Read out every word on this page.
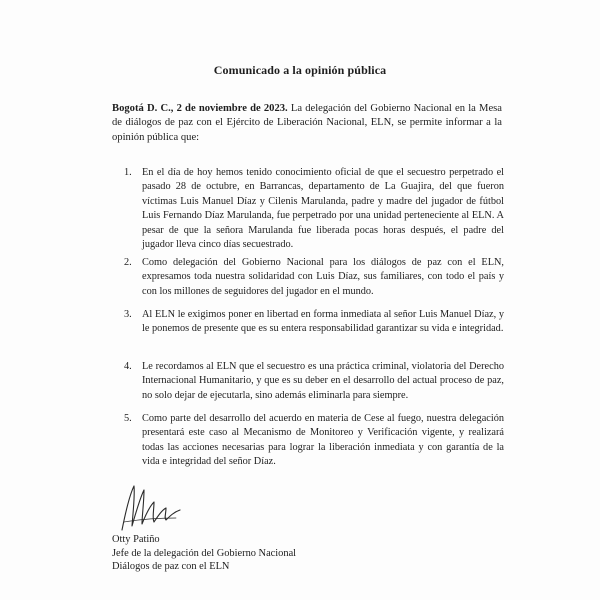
Comunicado a la opinión pública
Bogotá D. C., 2 de noviembre de 2023. La delegación del Gobierno Nacional en la Mesa de diálogos de paz con el Ejército de Liberación Nacional, ELN, se permite informar a la opinión pública que:
1. En el día de hoy hemos tenido conocimiento oficial de que el secuestro perpetrado el pasado 28 de octubre, en Barrancas, departamento de La Guajira, del que fueron víctimas Luis Manuel Díaz y Cilenis Marulanda, padre y madre del jugador de fútbol Luis Fernando Díaz Marulanda, fue perpetrado por una unidad perteneciente al ELN. A pesar de que la señora Marulanda fue liberada pocas horas después, el padre del jugador lleva cinco días secuestrado.
2. Como delegación del Gobierno Nacional para los diálogos de paz con el ELN, expresamos toda nuestra solidaridad con Luis Díaz, sus familiares, con todo el país y con los millones de seguidores del jugador en el mundo.
3. Al ELN le exigimos poner en libertad en forma inmediata al señor Luis Manuel Díaz, y le ponemos de presente que es su entera responsabilidad garantizar su vida e integridad.
4. Le recordamos al ELN que el secuestro es una práctica criminal, violatoria del Derecho Internacional Humanitario, y que es su deber en el desarrollo del actual proceso de paz, no solo dejar de ejecutarla, sino además eliminarla para siempre.
5. Como parte del desarrollo del acuerdo en materia de Cese al fuego, nuestra delegación presentará este caso al Mecanismo de Monitoreo y Verificación vigente, y realizará todas las acciones necesarias para lograr la liberación inmediata y con garantía de la vida e integridad del señor Díaz.
Otty Patiño
Jefe de la delegación del Gobierno Nacional
Diálogos de paz con el ELN
